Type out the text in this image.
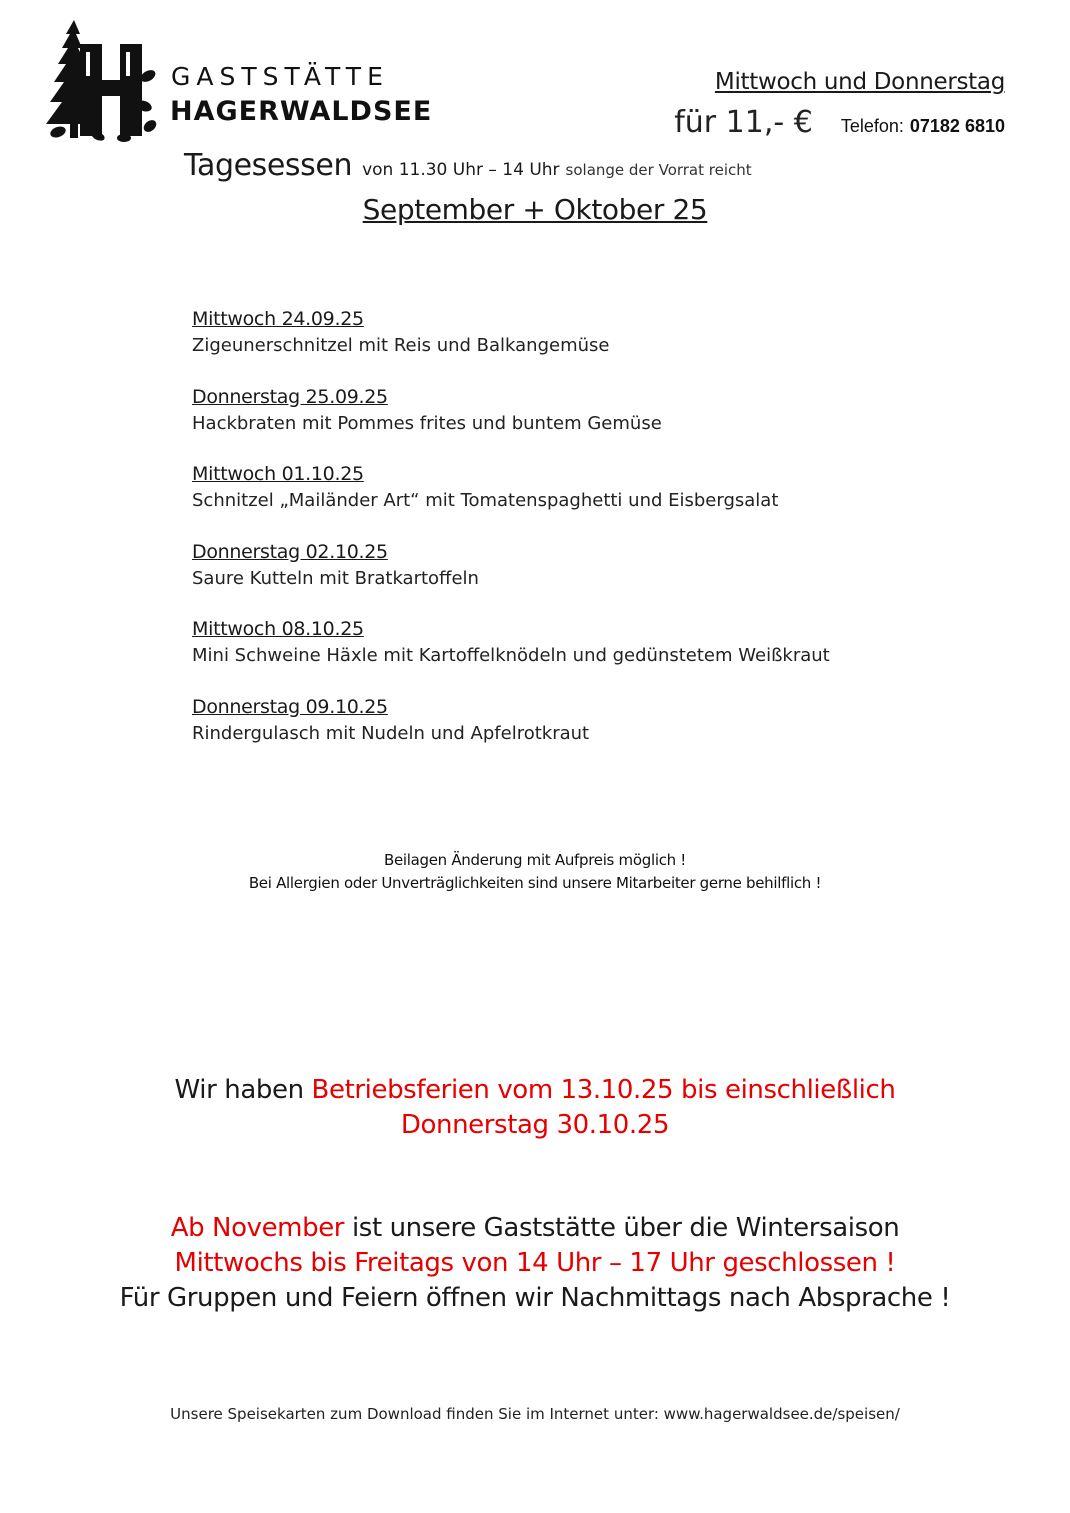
GASTSTÄTTE
HAGERWALDSEE
Mittwoch und Donnerstag
für 11,- € Telefon: 07182 6810
Tagesessen von 11.30 Uhr – 14 Uhr solange der Vorrat reicht
September + Oktober 25
Mittwoch 24.09.25
Zigeunerschnitzel mit Reis und Balkangemüse
Donnerstag 25.09.25
Hackbraten mit Pommes frites und buntem Gemüse
Mittwoch 01.10.25
Schnitzel „Mailänder Art“ mit Tomatenspaghetti und Eisbergsalat
Donnerstag 02.10.25
Saure Kutteln mit Bratkartoffeln
Mittwoch 08.10.25
Mini Schweine Häxle mit Kartoffelknödeln und gedünstetem Weißkraut
Donnerstag 09.10.25
Rindergulasch mit Nudeln und Apfelrotkraut
Beilagen Änderung mit Aufpreis möglich !
Bei Allergien oder Unverträglichkeiten sind unsere Mitarbeiter gerne behilflich !
Wir haben Betriebsferien vom 13.10.25 bis einschließlich
Donnerstag 30.10.25
Ab November ist unsere Gaststätte über die Wintersaison
Mittwochs bis Freitags von 14 Uhr – 17 Uhr geschlossen !
Für Gruppen und Feiern öffnen wir Nachmittags nach Absprache !
Unsere Speisekarten zum Download finden Sie im Internet unter: www.hagerwaldsee.de/speisen/
